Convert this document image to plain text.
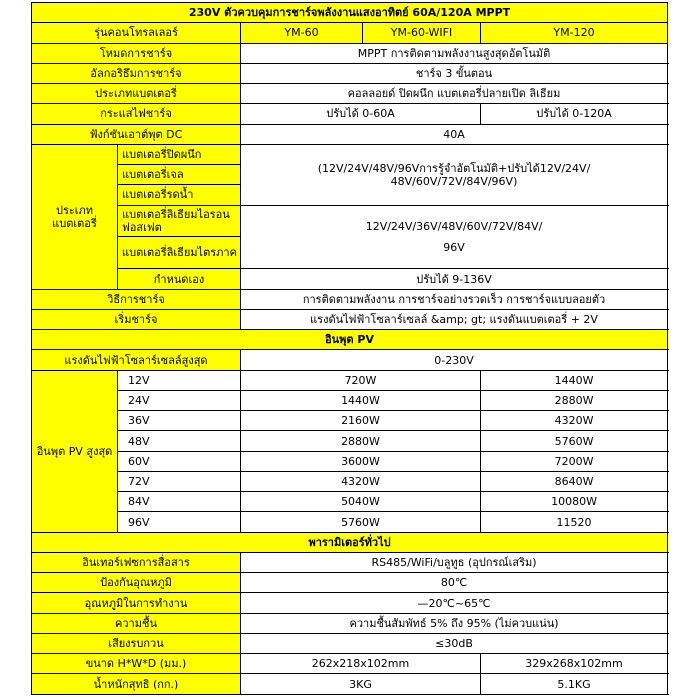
230V ตัวควบคุมการชาร์จพลังงานแสงอาทิตย์ 60A/120A MPPT					
รุ่นคอนโทรลเลอร์		YM-60	YM-60-WIFI	YM-120	
โหมดการชาร์จ		MPPT การติดตามพลังงานสูงสุดอัตโนมัติ			
อัลกอริธึมการชาร์จ		ชาร์จ 3 ขั้นตอน			
ประเภทแบตเตอรี่		คอลลอยด์ ปิดผนึก แบตเตอรี่ปลายเปิด ลิเธียม			
กระแสไฟชาร์จ		ปรับได้ 0-60A		ปรับได้ 0-120A	
ฟังก์ชันเอาต์พุต DC		40A			
ประเภท แบตเตอรี่	แบตเตอรี่ปิดผนึก	(12V/24V/48V/96Vการรู้จำอัตโนมัติ+ปรับได้12V/24V/
48V/60V/72V/84V/96V)			

	แบตเตอรี่เจล				
	แบตเตอรี่รดน้ำ				
	แบตเตอรี่ลิเธียมไอรอนฟอสเฟต	12V/24V/36V/48V/60V/72V/84V/
96V			

	แบตเตอรี่ลิเธียมไตรภาค				
	กำหนดเอง	ปรับได้ 9-136V			
วิธีการชาร์จ		การติดตามพลังงาน การชาร์จอย่างรวดเร็ว การชาร์จแบบลอยตัว			
เริ่มชาร์จ		แรงดันไฟฟ้าโซลาร์เซลล์ &amp; gt; แรงดันแบตเตอรี่ + 2V			
อินพุต PV					
แรงดันไฟฟ้าโซลาร์เซลล์สูงสุด		0-230V			
อินพุต PV สูงสุด	12V	720W		1440W	
	24V	1440W		2880W	
	36V	2160W		4320W	
	48V	2880W		5760W	
	60V	3600W		7200W	
	72V	4320W		8640W	
	84V	5040W		10080W	
	96V	5760W		11520	
พารามิเตอร์ทั่วไป					
อินเทอร์เฟซการสื่อสาร		RS485/WiFi/บลูทูธ (อุปกรณ์เสริม)			
ป้องกันอุณหภูมิ		80℃			
อุณหภูมิในการทำงาน		—20℃~65℃			
ความชื้น		ความชื้นสัมพัทธ์ 5% ถึง 95% (ไม่ควบแน่น)			
เสียงรบกวน		≤30dB			
ขนาด H*W*D (มม.)		262x218x102mm		329x268x102mm	
น้ำหนักสุทธิ (กก.)		3KG		5.1KG	
